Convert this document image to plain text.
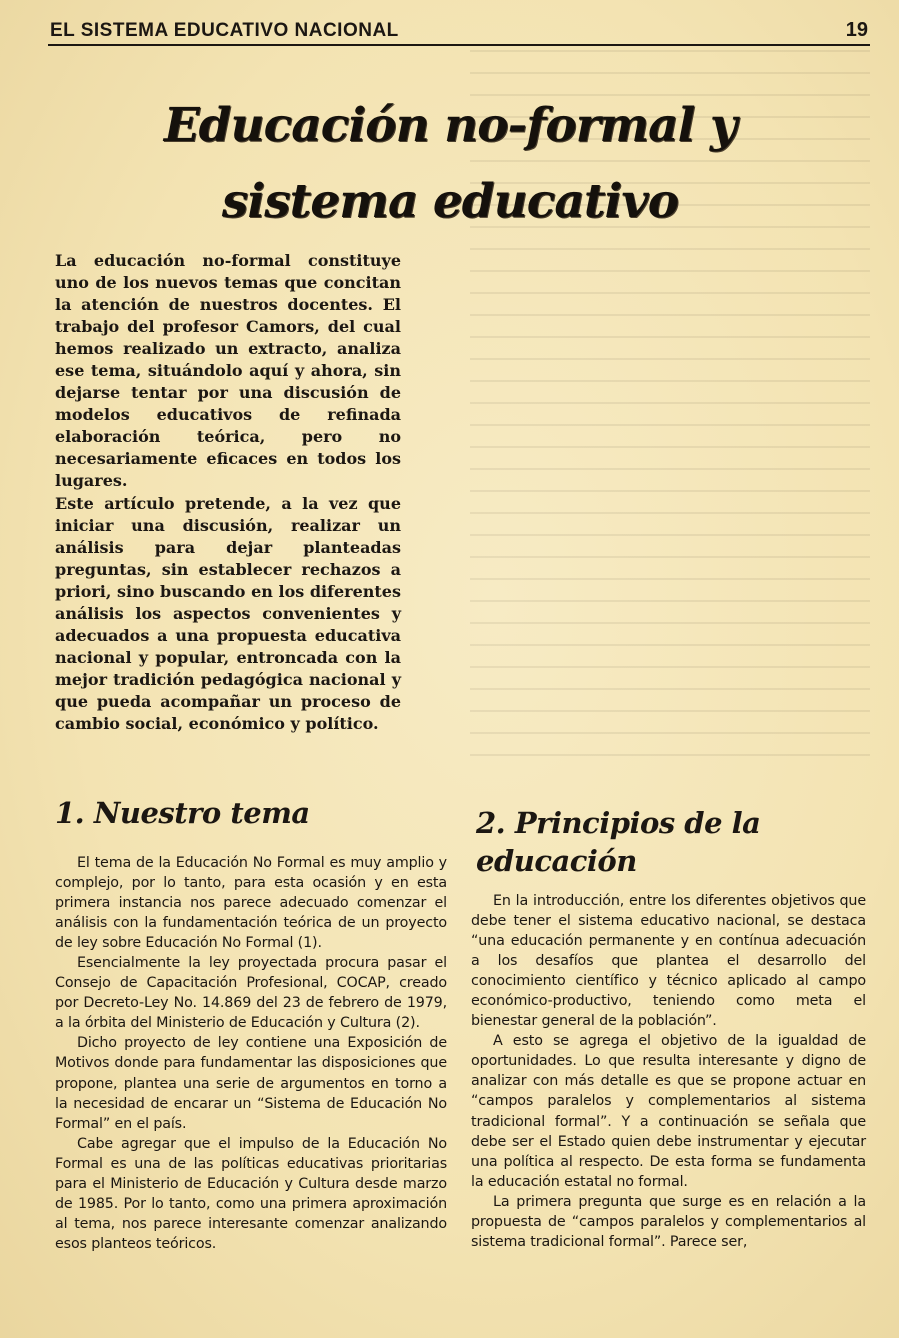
EL SISTEMA EDUCATIVO NACIONAL	19
Educación no-formal y
sistema educativo

La educación no-formal constituye uno de los nuevos temas que concitan la atención de nuestros docentes. El trabajo del profesor Camors, del cual hemos realizado un extracto, analiza ese tema, situándolo aquí y ahora, sin dejarse tentar por una discusión de modelos educativos de refinada elaboración teórica, pero no necesariamente eficaces en todos los lugares.

Este artículo pretende, a la vez que iniciar una discusión, realizar un análisis para dejar planteadas preguntas, sin establecer rechazos a priori, sino buscando en los diferentes análisis los aspectos convenientes y adecuados a una propuesta educativa nacional y popular, entroncada con la mejor tradición pedagógica nacional y que pueda acompañar un proceso de cambio social, económico y político.

1. Nuestro tema

El tema de la Educación No Formal es muy amplio y complejo, por lo tanto, para esta ocasión y en esta primera instancia nos parece adecuado comenzar el análisis con la fundamentación teórica de un proyecto de ley sobre Educación No Formal (1).

Esencialmente la ley proyectada procura pasar el Consejo de Capacitación Profesional, COCAP, creado por Decreto-Ley No. 14.869 del 23 de febrero de 1979, a la órbita del Ministerio de Educación y Cultura (2).

Dicho proyecto de ley contiene una Exposición de Motivos donde para fundamentar las disposiciones que propone, plantea una serie de argumentos en torno a la necesidad de encarar un “Sistema de Educación No Formal” en el país.

Cabe agregar que el impulso de la Educación No Formal es una de las políticas educativas prioritarias para el Ministerio de Educación y Cultura desde marzo de 1985. Por lo tanto, como una primera aproximación al tema, nos parece interesante comenzar analizando esos planteos teóricos.

2. Principios de la
educación

En la introducción, entre los diferentes objetivos que debe tener el sistema educativo nacional, se destaca “una educación permanente y en contínua adecuación a los desafíos que plantea el desarrollo del conocimiento científico y técnico aplicado al campo económico-productivo, teniendo como meta el bienestar general de la población”.

A esto se agrega el objetivo de la igualdad de oportunidades. Lo que resulta interesante y digno de analizar con más detalle es que se propone actuar en “campos paralelos y complementarios al sistema tradicional formal”. Y a continuación se señala que debe ser el Estado quien debe instrumentar y ejecutar una política al respecto. De esta forma se fundamenta la educación estatal no formal.

La primera pregunta que surge es en relación a la propuesta de “campos paralelos y complementarios al sistema tradicional formal”. Parece ser,
